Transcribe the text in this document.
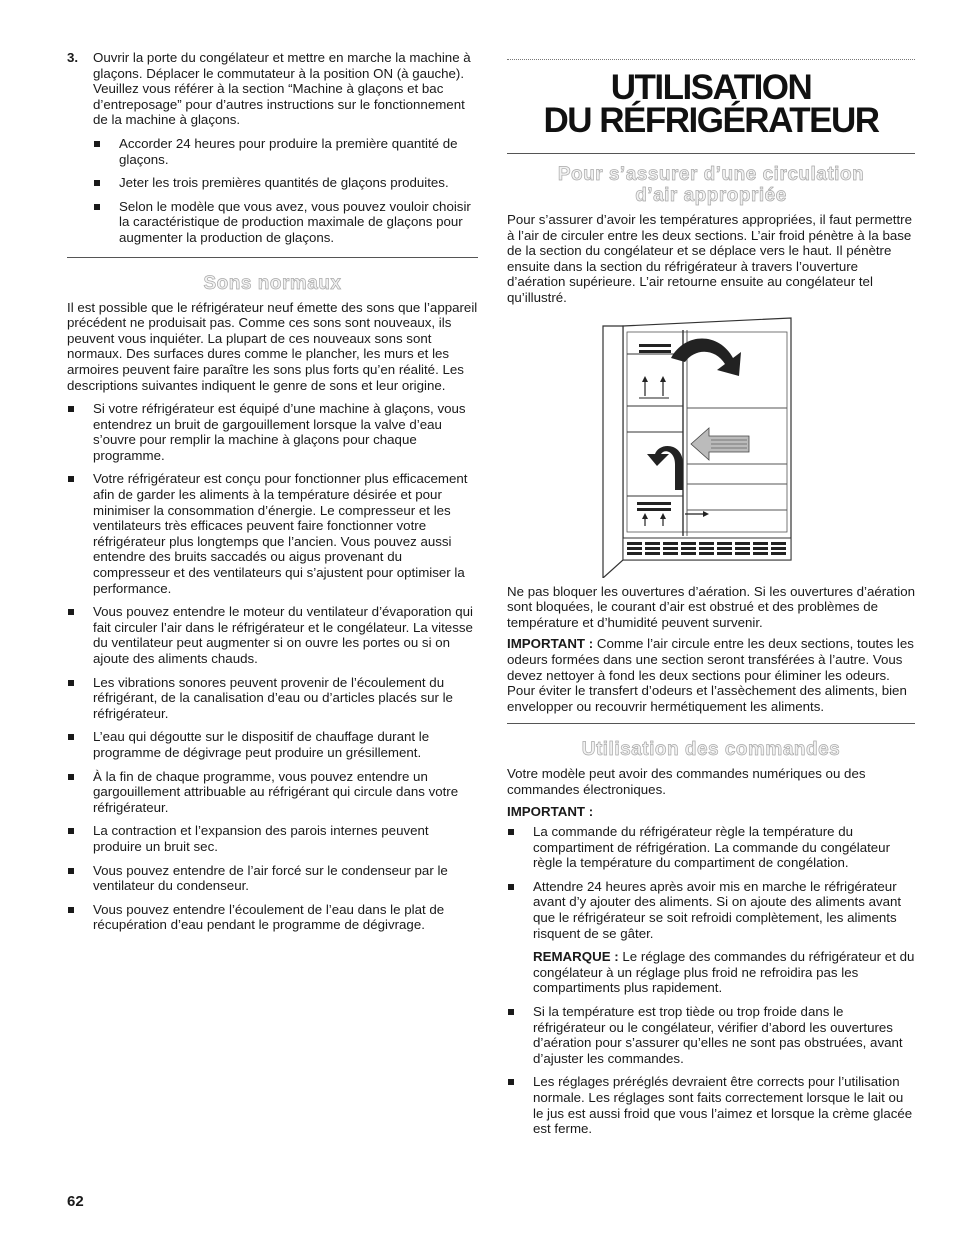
3. Ouvrir la porte du congélateur et mettre en marche la machine à glaçons. Déplacer le commutateur à la position ON (à gauche). Veuillez vous référer à la section “Machine à glaçons et bac d’entreposage” pour d’autres instructions sur le fonctionnement de la machine à glaçons.

Accorder 24 heures pour produire la première quantité de glaçons.
Jeter les trois premières quantités de glaçons produites.
Selon le modèle que vous avez, vous pouvez vouloir choisir la caractéristique de production maximale de glaçons pour augmenter la production de glaçons.
Sons normaux

Il est possible que le réfrigérateur neuf émette des sons que l’appareil précédent ne produisait pas. Comme ces sons sont nouveaux, ils peuvent vous inquiéter. La plupart de ces nouveaux sons sont normaux. Des surfaces dures comme le plancher, les murs et les armoires peuvent faire paraître les sons plus forts qu’en réalité. Les descriptions suivantes indiquent le genre de sons et leur origine.

Si votre réfrigérateur est équipé d’une machine à glaçons, vous entendrez un bruit de gargouillement lorsque la valve d’eau s’ouvre pour remplir la machine à glaçons pour chaque programme.
Votre réfrigérateur est conçu pour fonctionner plus efficacement afin de garder les aliments à la température désirée et pour minimiser la consommation d’énergie. Le compresseur et les ventilateurs très efficaces peuvent faire fonctionner votre réfrigérateur plus longtemps que l’ancien. Vous pouvez aussi entendre des bruits saccadés ou aigus provenant du compresseur et des ventilateurs qui s’ajustent pour optimiser la performance.
Vous pouvez entendre le moteur du ventilateur d’évaporation qui fait circuler l’air dans le réfrigérateur et le congélateur. La vitesse du ventilateur peut augmenter si on ouvre les portes ou si on ajoute des aliments chauds.
Les vibrations sonores peuvent provenir de l’écoulement du réfrigérant, de la canalisation d’eau ou d’articles placés sur le réfrigérateur.
L’eau qui dégoutte sur le dispositif de chauffage durant le programme de dégivrage peut produire un grésillement.
À la fin de chaque programme, vous pouvez entendre un gargouillement attribuable au réfrigérant qui circule dans votre réfrigérateur.
La contraction et l’expansion des parois internes peuvent produire un bruit sec.
Vous pouvez entendre de l’air forcé sur le condenseur par le ventilateur du condenseur.
Vous pouvez entendre l’écoulement de l’eau dans le plat de récupération d’eau pendant le programme de dégivrage.
UTILISATION
DU RÉFRIGÉRATEUR
Pour s’assurer d’une circulation d’air appropriée

Pour s’assurer d’avoir les températures appropriées, il faut permettre à l’air de circuler entre les deux sections. L’air froid pénètre à la base de la section du congélateur et se déplace vers le haut. Il pénètre ensuite dans la section du réfrigérateur à travers l’ouverture d’aération supérieure. L’air retourne ensuite au congélateur tel qu’illustré.

Ne pas bloquer les ouvertures d’aération. Si les ouvertures d’aération sont bloquées, le courant d’air est obstrué et des problèmes de température et d’humidité peuvent survenir.

IMPORTANT : Comme l’air circule entre les deux sections, toutes les odeurs formées dans une section seront transférées à l’autre. Vous devez nettoyer à fond les deux sections pour éliminer les odeurs. Pour éviter le transfert d’odeurs et l’assèchement des aliments, bien envelopper ou recouvrir hermétiquement les aliments.

Utilisation des commandes

Votre modèle peut avoir des commandes numériques ou des commandes électroniques.

IMPORTANT :

La commande du réfrigérateur règle la température du compartiment de réfrigération. La commande du congélateur règle la température du compartiment de congélation.
Attendre 24 heures après avoir mis en marche le réfrigérateur avant d’y ajouter des aliments. Si on ajoute des aliments avant que le réfrigérateur se soit refroidi complètement, les aliments risquent de se gâter.

REMARQUE : Le réglage des commandes du réfrigérateur et du congélateur à un réglage plus froid ne refroidira pas les compartiments plus rapidement.

Si la température est trop tiède ou trop froide dans le réfrigérateur ou le congélateur, vérifier d’abord les ouvertures d’aération pour s’assurer qu’elles ne sont pas obstruées, avant d’ajuster les commandes.
Les réglages préréglés devraient être corrects pour l’utilisation normale. Les réglages sont faits correctement lorsque le lait ou le jus est aussi froid que vous l’aimez et lorsque la crème glacée est ferme.
62
